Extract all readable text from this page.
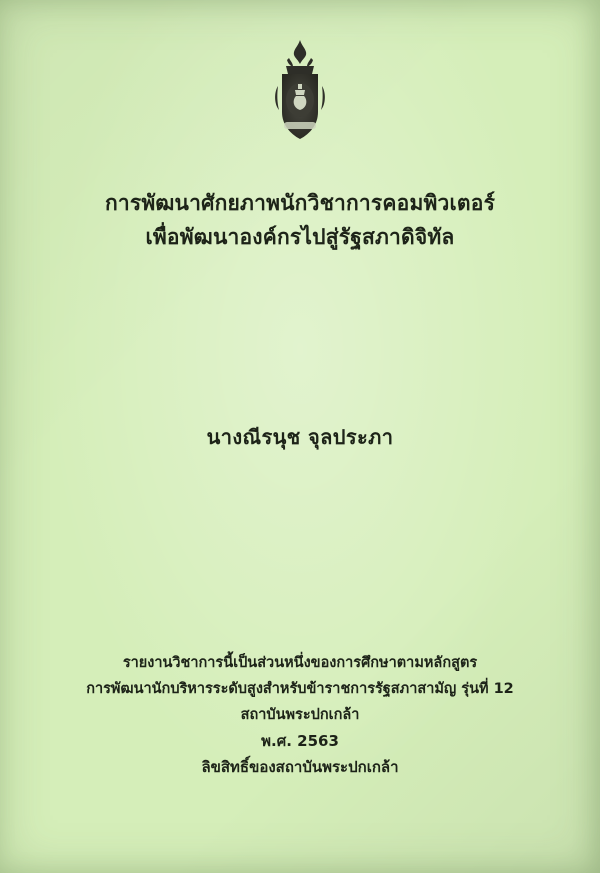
การพัฒนาศักยภาพนักวิชาการคอมพิวเตอร์
เพื่อพัฒนาองค์กรไปสู่รัฐสภาดิจิทัล
นางณีรนุช จุลประภา
รายงานวิชาการนี้เป็นส่วนหนึ่งของการศึกษาตามหลักสูตร
การพัฒนานักบริหารระดับสูงสำหรับข้าราชการรัฐสภาสามัญ รุ่นที่ 12
สถาบันพระปกเกล้า
พ.ศ. 2563
ลิขสิทธิ์ของสถาบันพระปกเกล้า
